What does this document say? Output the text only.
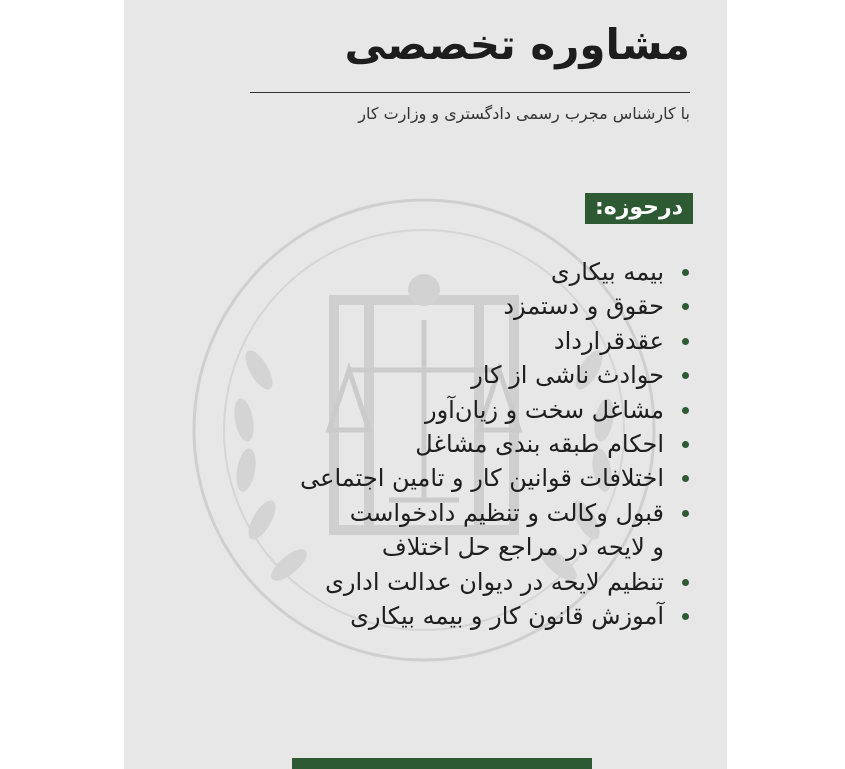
مشاوره تخصصی
با کارشناس مجرب رسمی دادگستری و وزارت کار
درحوزه:
بیمه بیکاری
حقوق و دستمزد
عقدقرارداد
حوادث ناشی از کار
مشاغل سخت و زیان‌آور
احکام طبقه بندی مشاغل
اختلافات قوانین کار و تامین اجتماعی
قبول وکالت و تنظیم دادخواست
و لایحه در مراجع حل اختلاف
تنظیم لایحه در دیوان عدالت اداری
آموزش قانون کار و بیمه بیکاری
